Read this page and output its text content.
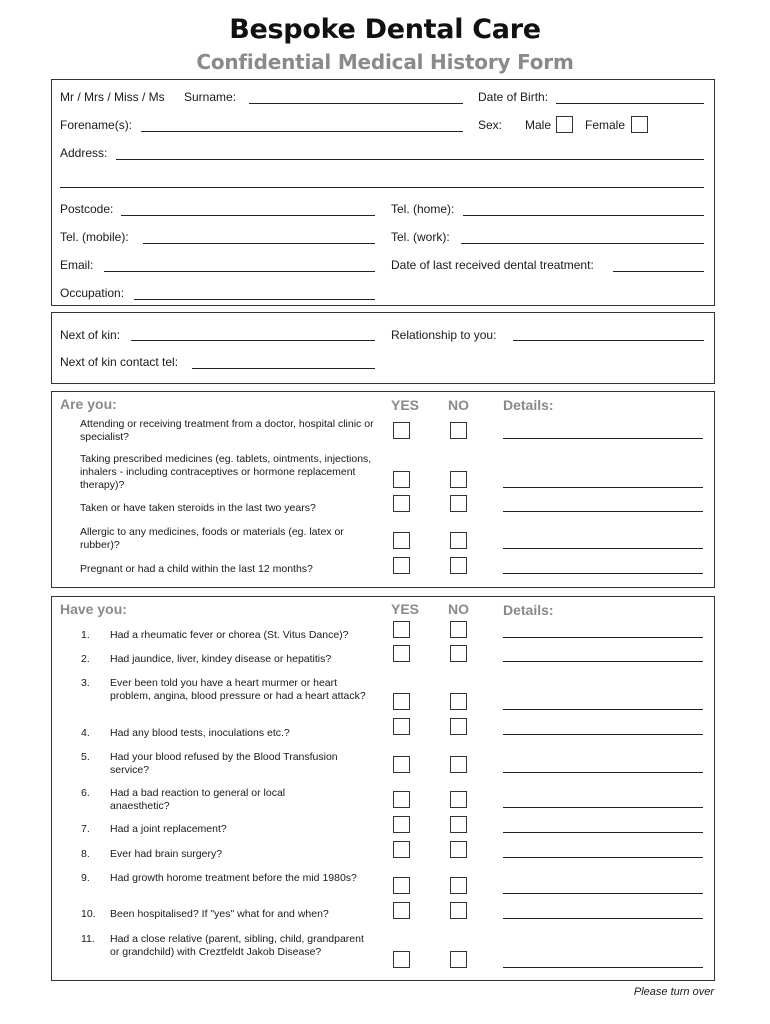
Bespoke Dental Care
Confidential Medical History Form
Mr / Mrs / Miss / Ms Surname:	Date of Birth:
Forename(s):	Sex: Male	Female
Address:
Postcode:	Tel. (home):
Tel. (mobile):	Tel. (work):
Email:	Date of last received dental treatment:
Occupation:
Next of kin:	Relationship to you:
Next of kin contact tel:
Are you:	YES NO Details:
Attending or receiving treatment from a doctor, hospital clinic or specialist?
Taking prescribed medicines (eg. tablets, ointments, injections, inhalers - including contraceptives or hormone replacement therapy)?
Taken or have taken steroids in the last two years?
Allergic to any medicines, foods or materials (eg. latex or rubber)?
Pregnant or had a child within the last 12 months?
Have you:	YES NO Details:
1. Had a rheumatic fever or chorea (St. Vitus Dance)?
2. Had jaundice, liver, kindey disease or hepatitis?
3. Ever been told you have a heart murmer or heart problem, angina, blood pressure or had a heart attack?
4. Had any blood tests, inoculations etc.?
5. Had your blood refused by the Blood Transfusion service?
6. Had a bad reaction to general or local anaesthetic?
7. Had a joint replacement?
8. Ever had brain surgery?
9. Had growth horome treatment before the mid 1980s?
10. Been hospitalised? If "yes" what for and when?
11. Had a close relative (parent, sibling, child, grandparent or grandchild) with Creztfeldt Jakob Disease?
Please turn over
